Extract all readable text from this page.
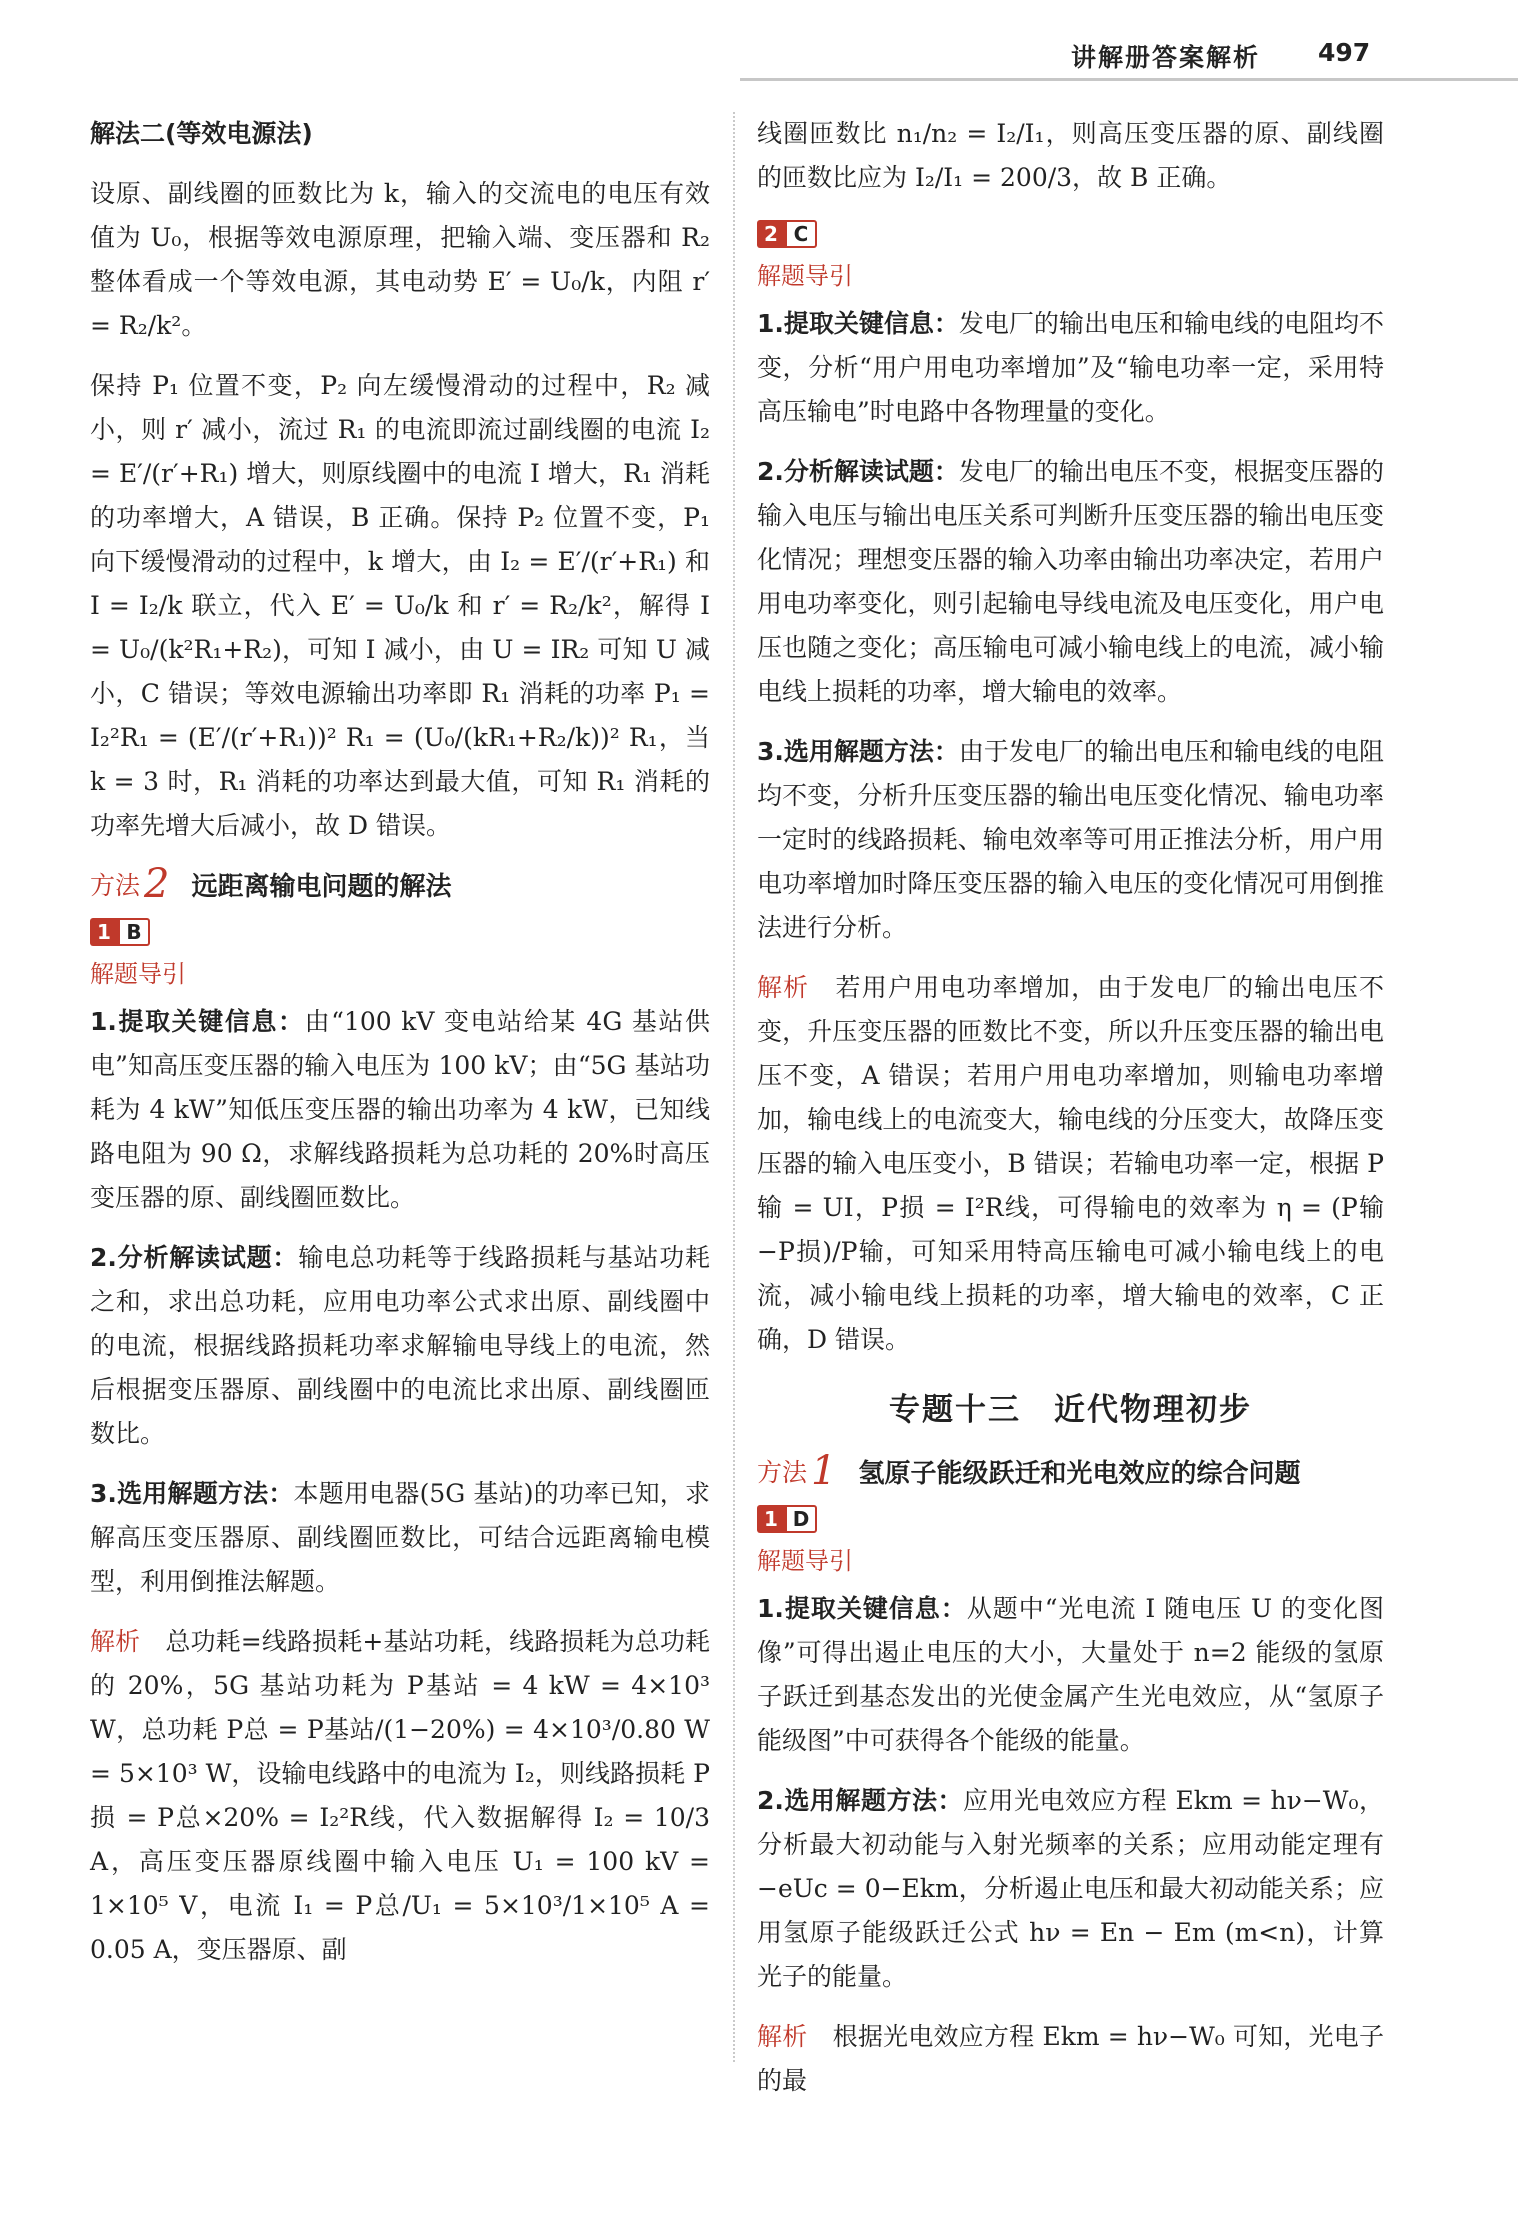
讲解册答案解析 497
解法二(等效电源法)

设原、副线圈的匝数比为 k，输入的交流电的电压有效值为 U₀，根据等效电源原理，把输入端、变压器和 R₂ 整体看成一个等效电源，其电动势 E′ = U₀/k，内阻 r′ = R₂/k²。

保持 P₁ 位置不变，P₂ 向左缓慢滑动的过程中，R₂ 减小，则 r′ 减小，流过 R₁ 的电流即流过副线圈的电流 I₂ = E′/(r′+R₁) 增大，则原线圈中的电流 I 增大，R₁ 消耗的功率增大，A 错误，B 正确。保持 P₂ 位置不变，P₁ 向下缓慢滑动的过程中，k 增大，由 I₂ = E′/(r′+R₁) 和 I = I₂/k 联立，代入 E′ = U₀/k 和 r′ = R₂/k²，解得 I = U₀/(k²R₁+R₂)，可知 I 减小，由 U = IR₂ 可知 U 减小，C 错误；等效电源输出功率即 R₁ 消耗的功率 P₁ = I₂²R₁ = (E′/(r′+R₁))² R₁ = (U₀/(kR₁+R₂/k))² R₁，当 k = 3 时，R₁ 消耗的功率达到最大值，可知 R₁ 消耗的功率先增大后减小，故 D 错误。

方法 2 远距离输电问题的解法
1 B
解题导引

1.提取关键信息：由“100 kV 变电站给某 4G 基站供电”知高压变压器的输入电压为 100 kV；由“5G 基站功耗为 4 kW”知低压变压器的输出功率为 4 kW，已知线路电阻为 90 Ω，求解线路损耗为总功耗的 20%时高压变压器的原、副线圈匝数比。

2.分析解读试题：输电总功耗等于线路损耗与基站功耗之和，求出总功耗，应用电功率公式求出原、副线圈中的电流，根据线路损耗功率求解输电导线上的电流，然后根据变压器原、副线圈中的电流比求出原、副线圈匝数比。

3.选用解题方法：本题用电器(5G 基站)的功率已知，求解高压变压器原、副线圈匝数比，可结合远距离输电模型，利用倒推法解题。

解析　 总功耗=线路损耗+基站功耗，线路损耗为总功耗的 20%，5G 基站功耗为 P基站 = 4 kW = 4×10³ W，总功耗 P总 = P基站/(1−20%) = 4×10³/0.80 W = 5×10³ W，设输电线路中的电流为 I₂，则线路损耗 P损 = P总×20% = I₂²R线，代入数据解得 I₂ = 10/3 A，高压变压器原线圈中输入电压 U₁ = 100 kV = 1×10⁵ V，电流 I₁ = P总/U₁ = 5×10³/1×10⁵ A = 0.05 A，变压器原、副

线圈匝数比 n₁/n₂ = I₂/I₁，则高压变压器的原、副线圈的匝数比应为 I₂/I₁ = 200/3，故 B 正确。

2 C
解题导引

1.提取关键信息：发电厂的输出电压和输电线的电阻均不变，分析“用户用电功率增加”及“输电功率一定，采用特高压输电”时电路中各物理量的变化。

2.分析解读试题：发电厂的输出电压不变，根据变压器的输入电压与输出电压关系可判断升压变压器的输出电压变化情况；理想变压器的输入功率由输出功率决定，若用户用电功率变化，则引起输电导线电流及电压变化，用户电压也随之变化；高压输电可减小输电线上的电流，减小输电线上损耗的功率，增大输电的效率。

3.选用解题方法：由于发电厂的输出电压和输电线的电阻均不变，分析升压变压器的输出电压变化情况、输电功率一定时的线路损耗、输电效率等可用正推法分析，用户用电功率增加时降压变压器的输入电压的变化情况可用倒推法进行分析。

解析　 若用户用电功率增加，由于发电厂的输出电压不变，升压变压器的匝数比不变，所以升压变压器的输出电压不变，A 错误；若用户用电功率增加，则输电功率增加，输电线上的电流变大，输电线的分压变大，故降压变压器的输入电压变小，B 错误；若输电功率一定，根据 P输 = UI，P损 = I²R线，可得输电的效率为 η = (P输−P损)/P输，可知采用特高压输电可减小输电线上的电流，减小输电线上损耗的功率，增大输电的效率，C 正确，D 错误。

专题十三　近代物理初步
方法 1 氢原子能级跃迁和光电效应的综合问题
1 D
解题导引

1.提取关键信息：从题中“光电流 I 随电压 U 的变化图像”可得出遏止电压的大小，大量处于 n=2 能级的氢原子跃迁到基态发出的光使金属产生光电效应，从“氢原子能级图”中可获得各个能级的能量。

2.选用解题方法：应用光电效应方程 Ekm = hν−W₀，分析最大初动能与入射光频率的关系；应用动能定理有 −eUc = 0−Ekm，分析遏止电压和最大初动能关系；应用氢原子能级跃迁公式 hν = En − Em (m<n)，计算光子的能量。

解析　 根据光电效应方程 Ekm = hν−W₀ 可知，光电子的最
